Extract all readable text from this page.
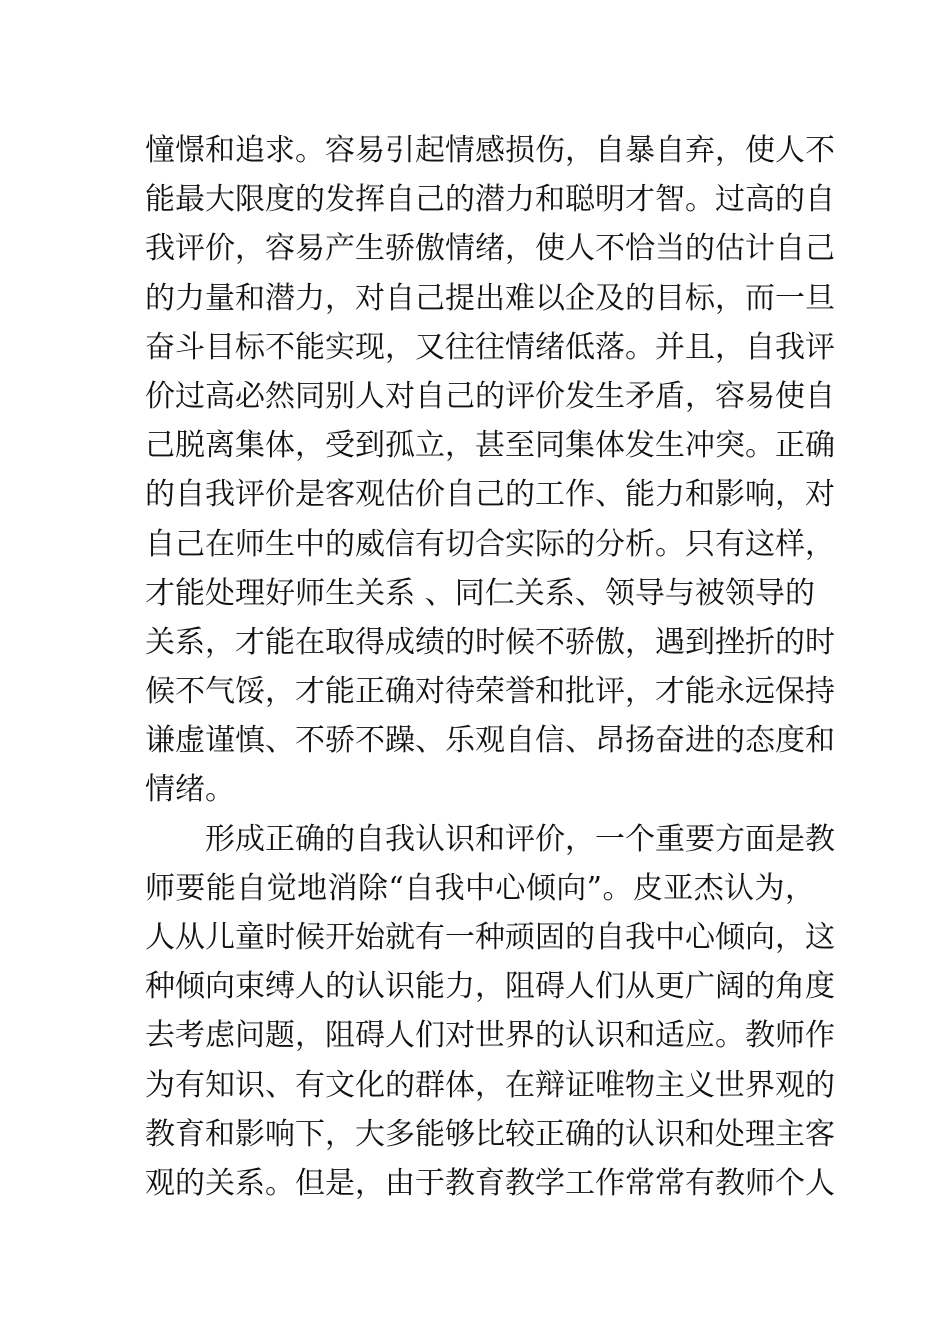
憧憬和追求。容易引起情感损伤，自暴自弃，使人不
能最大限度的发挥自己的潜力和聪明才智。过高的自
我评价，容易产生骄傲情绪，使人不恰当的估计自己
的力量和潜力，对自己提出难以企及的目标，而一旦
奋斗目标不能实现，又往往情绪低落。并且，自我评
价过高必然同别人对自己的评价发生矛盾，容易使自
己脱离集体，受到孤立，甚至同集体发生冲突。正确
的自我评价是客观估价自己的工作、能力和影响，对
自己在师生中的威信有切合实际的分析。只有这样，
才能处理好师生关系 、同仁关系、领导与被领导的
关系，才能在取得成绩的时候不骄傲，遇到挫折的时
候不气馁，才能正确对待荣誉和批评，才能永远保持
谦虚谨慎、不骄不躁、乐观自信、昂扬奋进的态度和
情绪。
形成正确的自我认识和评价，一个重要方面是教
师要能自觉地消除“自我中心倾向”。皮亚杰认为，
人从儿童时候开始就有一种顽固的自我中心倾向，这
种倾向束缚人的认识能力，阻碍人们从更广阔的角度
去考虑问题，阻碍人们对世界的认识和适应。教师作
为有知识、有文化的群体，在辩证唯物主义世界观的
教育和影响下，大多能够比较正确的认识和处理主客
观的关系。但是，由于教育教学工作常常有教师个人
